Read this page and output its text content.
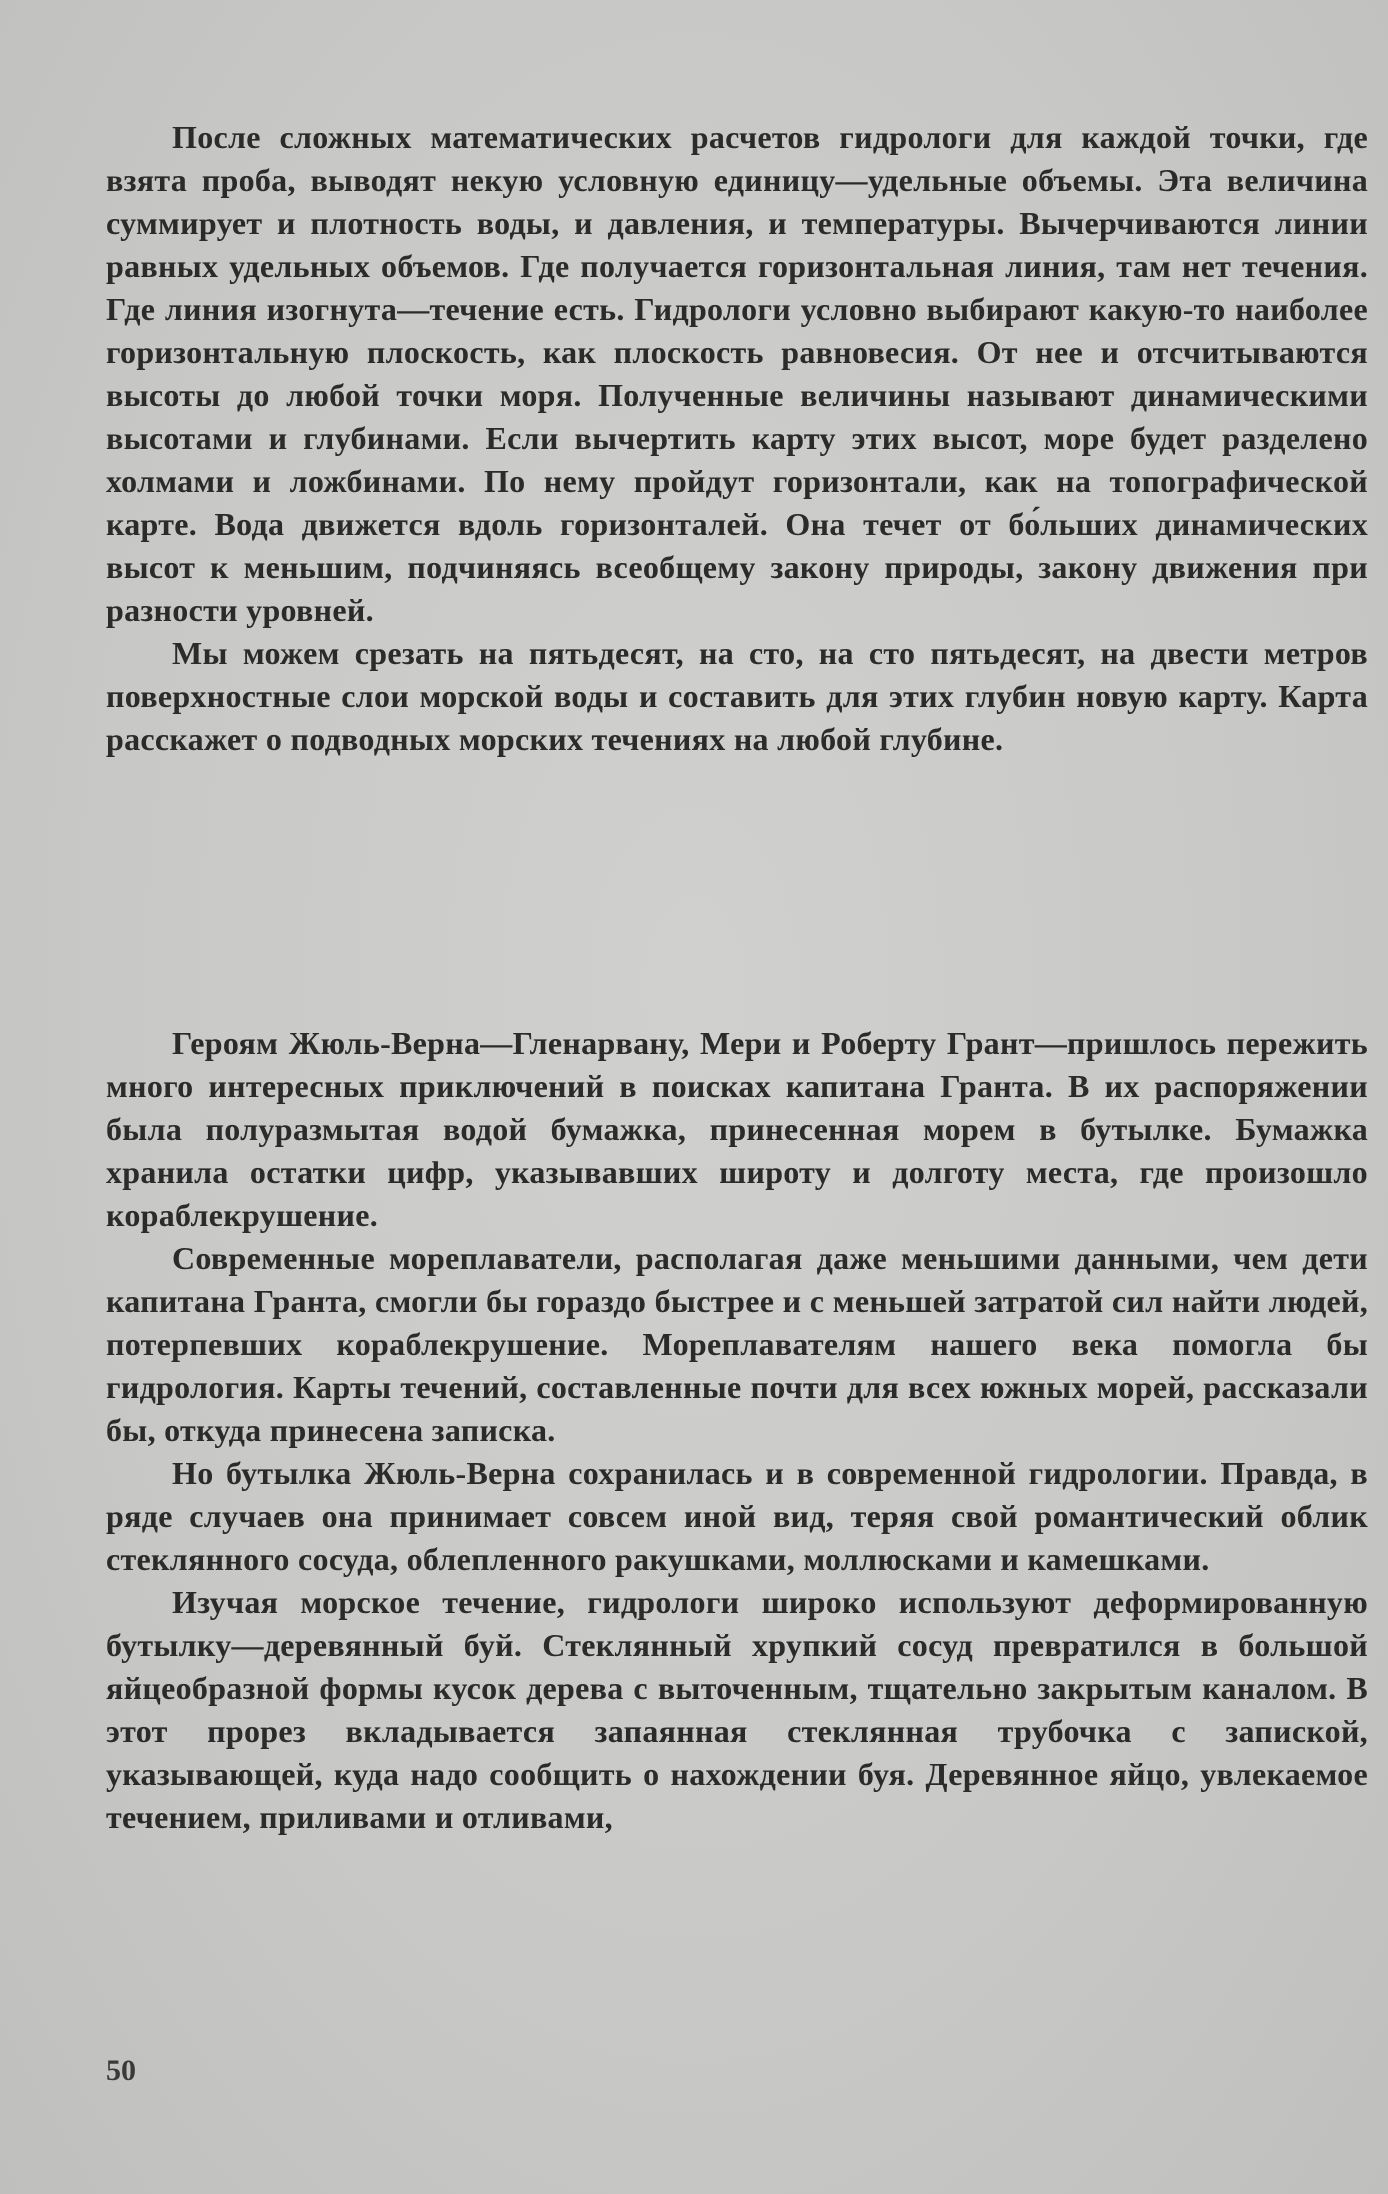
После сложных математических расчетов гидрологи для каждой точки, где взята проба, выводят некую условную единицу—удельные объемы. Эта величина суммирует и плотность воды, и давления, и температуры. Вычерчиваются линии равных удельных объемов. Где получается горизонтальная линия, там нет течения. Где линия изогнута—течение есть. Гидрологи условно выбирают какую-то наиболее горизонтальную плоскость, как плоскость равновесия. От нее и отсчитываются высоты до любой точки моря. Полученные величины называют динамическими высотами и глубинами. Если вычертить карту этих высот, море будет разделено холмами и ложбинами. По нему пройдут горизонтали, как на топографической карте. Вода движется вдоль горизонталей. Она течет от бо́льших динамических высот к меньшим, подчиняясь всеобщему закону природы, закону движения при разности уровней.

Мы можем срезать на пятьдесят, на сто, на сто пятьдесят, на двести метров поверхностные слои морской воды и составить для этих глубин новую карту. Карта расскажет о подводных морских течениях на любой глубине.

Героям Жюль-Верна—Гленарвану, Мери и Роберту Грант—пришлось пережить много интересных приключений в поисках капитана Гранта. В их распоряжении была полуразмытая водой бумажка, принесенная морем в бутылке. Бумажка хранила остатки цифр, указывавших широту и долготу места, где произошло кораблекрушение.

Современные мореплаватели, располагая даже меньшими данными, чем дети капитана Гранта, смогли бы гораздо быстрее и с меньшей затратой сил найти людей, потерпевших кораблекрушение. Мореплавателям нашего века помогла бы гидрология. Карты течений, составленные почти для всех южных морей, рассказали бы, откуда принесена записка.

Но бутылка Жюль-Верна сохранилась и в современной гидрологии. Правда, в ряде случаев она принимает совсем иной вид, теряя свой романтический облик стеклянного сосуда, облепленного ракушками, моллюсками и камешками.

Изучая морское течение, гидрологи широко используют деформированную бутылку—деревянный буй. Стеклянный хрупкий сосуд превратился в большой яйцеобразной формы кусок дерева с выточенным, тщательно закрытым каналом. В этот прорез вкладывается запаянная стеклянная трубочка с запиской, указывающей, куда надо сообщить о нахождении буя. Деревянное яйцо, увлекаемое течением, приливами и отливами,

50
